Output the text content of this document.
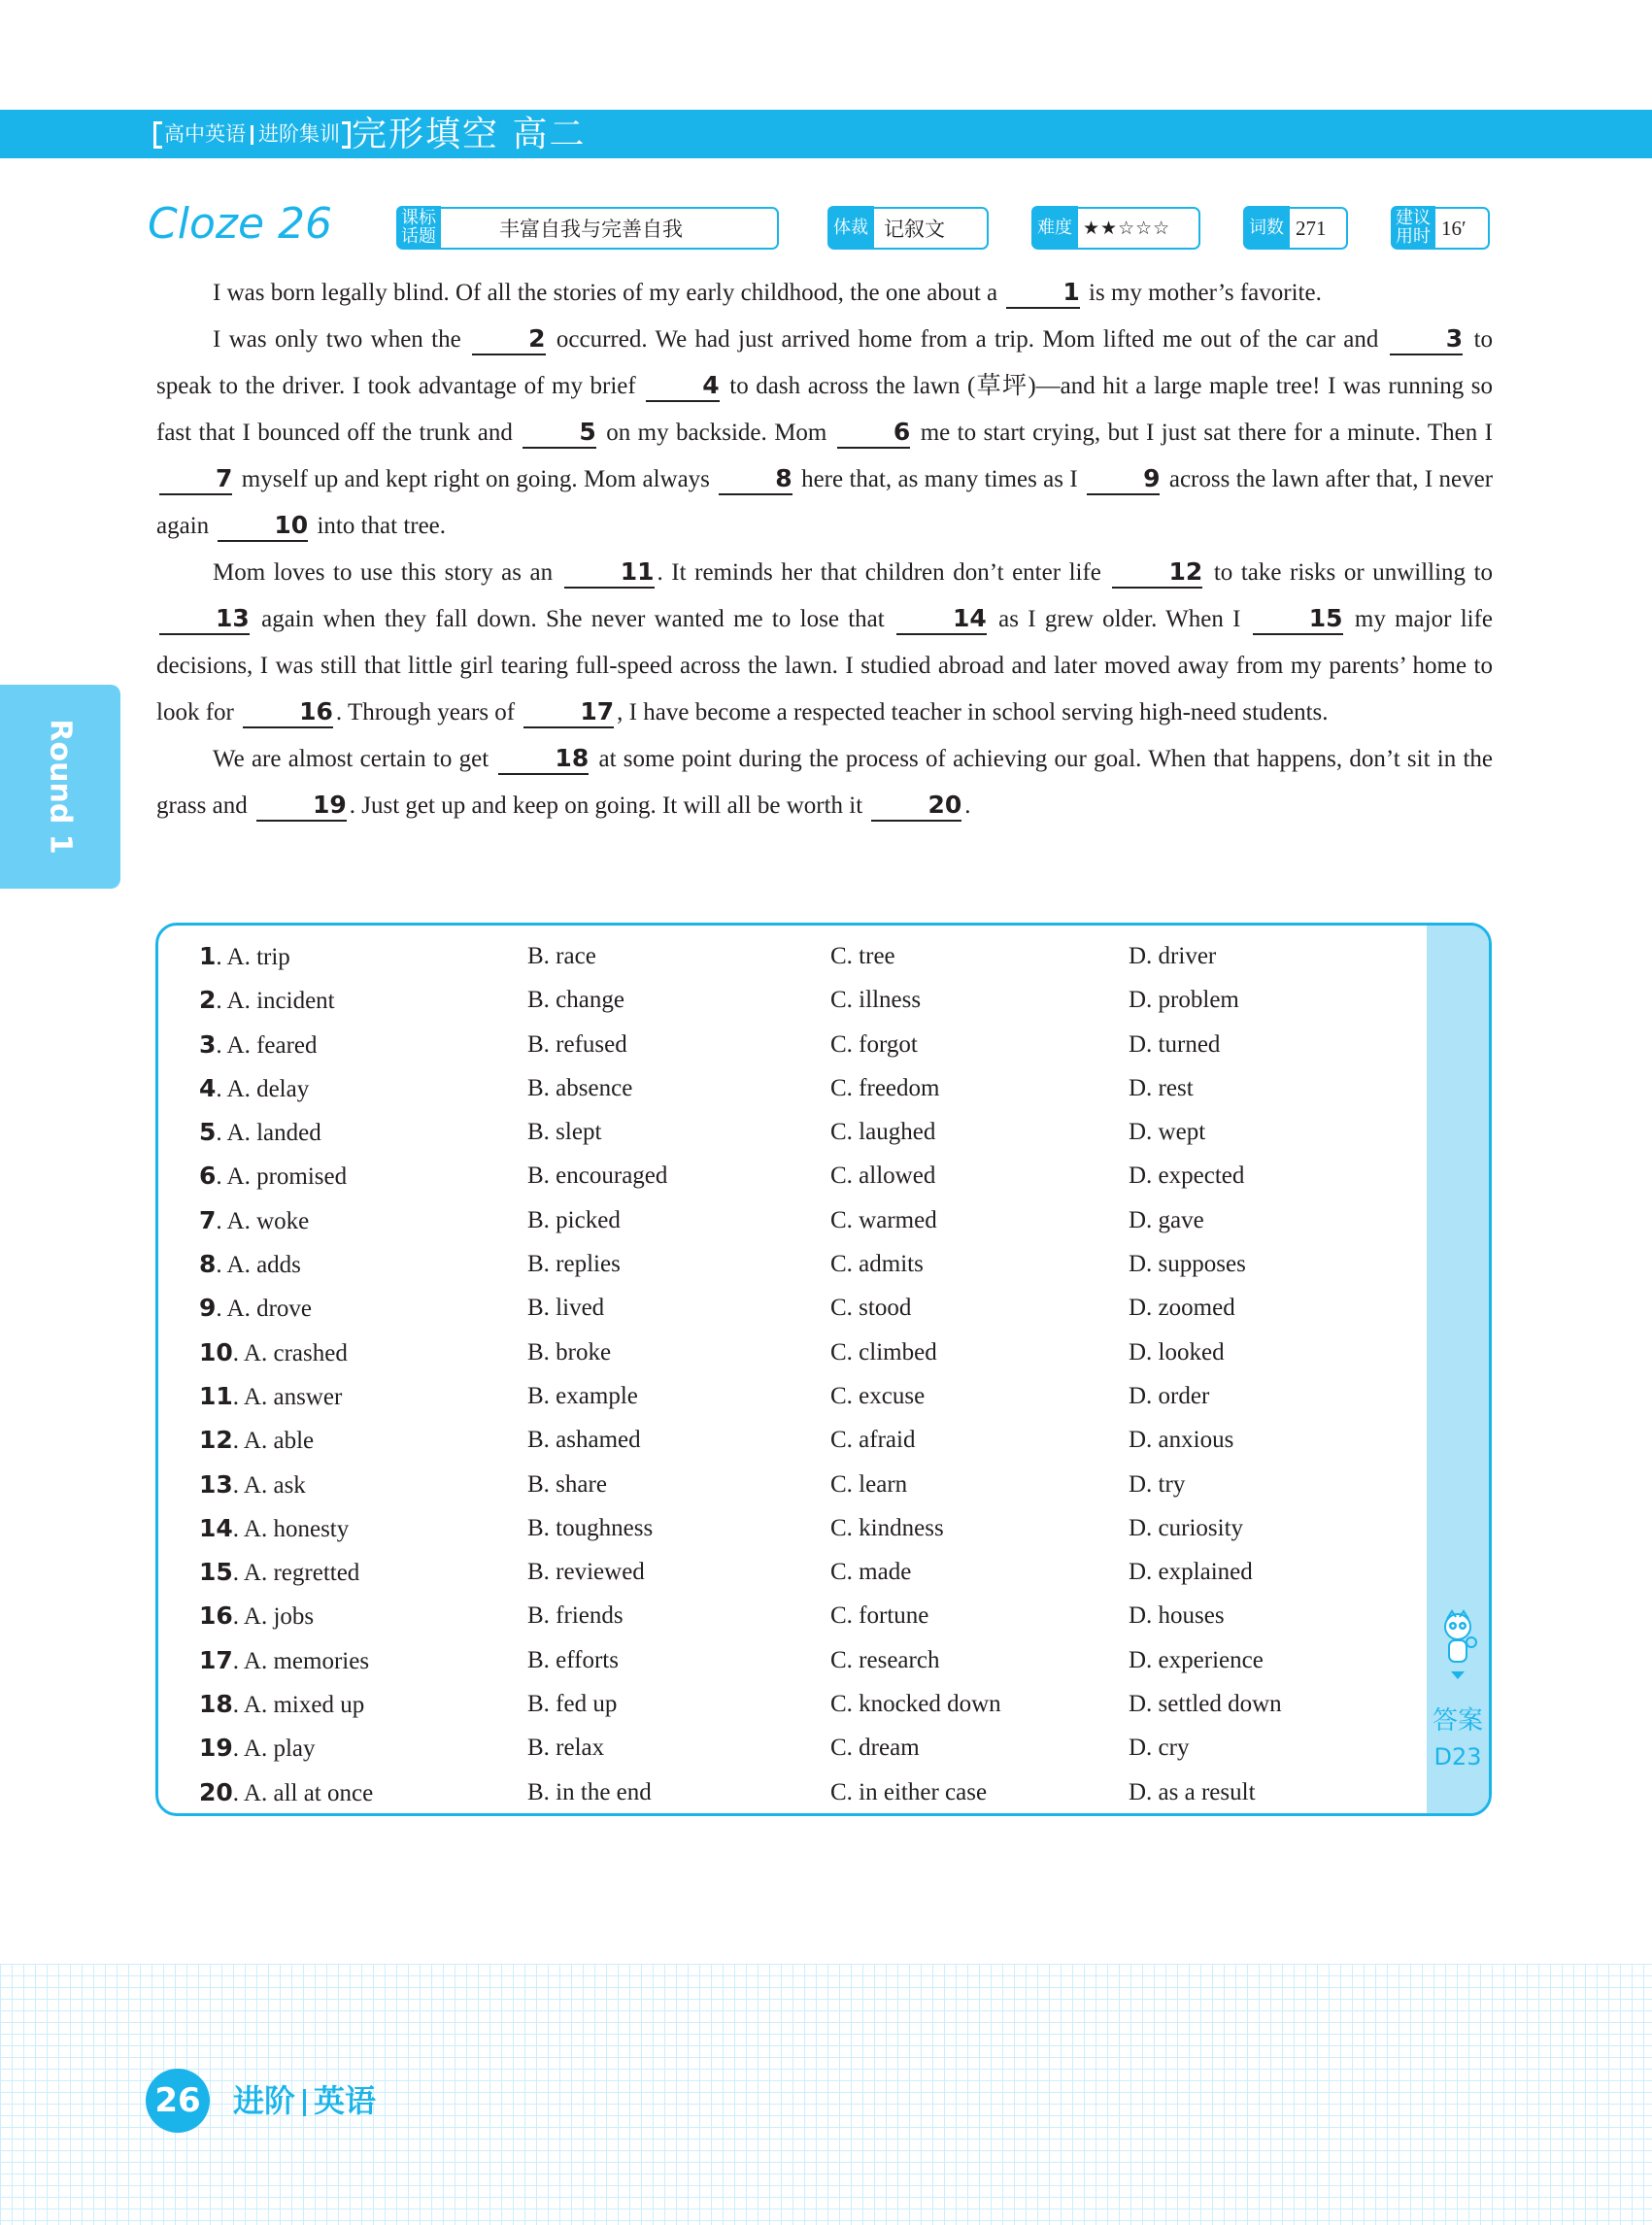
高中英语 进阶集训 完形填空 高二
Cloze 26	课标话题	丰富自我与完善自我	体裁 记叙文	难度 ★★☆☆☆	词数 271	建议用时 16′

I was born legally blind. Of all the stories of my early childhood, the one about a	1 is my mother’s favorite.

I was only two when the	2 occurred. We had just arrived home from a trip. Mom lifted me out of the car and	3 to speak to the driver. I took advantage of my brief	4 to dash across the lawn (草坪)—and hit a large maple tree! I was running so fast that I bounced off the trunk and	5 on my backside. Mom	6 me to start crying, but I just sat there for a minute. Then I 7 myself up and kept right on going. Mom always	8 here that, as many times as I	9 across the lawn after that, I never again	10 into that tree.

Mom loves to use this story as an	11 . It reminds her that children don’t enter life	12 to take risks or unwilling to 13 again when they fall down. She never wanted me to lose that	14 as I grew older. When I	15 my major life decisions, I was still that little girl tearing full-speed across the lawn. I studied abroad and later moved away from my parents’ home to look for	16 . Through years of	17 , I have become a respected teacher in school serving high-need students.

We are almost certain to get	18 at some point during the process of achieving our goal. When that happens, don’t sit in the grass and	19 . Just get up and keep on going. It will all be worth it	20 .

Round 1
1. A. trip	B. race	C. tree	D. driver
2. A. incident	B. change	C. illness	D. problem
3. A. feared	B. refused	C. forgot	D. turned
4. A. delay	B. absence	C. freedom	D. rest
5. A. landed	B. slept	C. laughed	D. wept
6. A. promised	B. encouraged	C. allowed	D. expected
7. A. woke	B. picked	C. warmed	D. gave
8. A. adds	B. replies	C. admits	D. supposes
9. A. drove	B. lived	C. stood	D. zoomed
10. A. crashed	B. broke	C. climbed	D. looked
11. A. answer	B. example	C. excuse	D. order
12. A. able	B. ashamed	C. afraid	D. anxious
13. A. ask	B. share	C. learn	D. try
14. A. honesty	B. toughness	C. kindness	D. curiosity
15. A. regretted	B. reviewed	C. made	D. explained
16. A. jobs	B. friends	C. fortune	D. houses
17. A. memories	B. efforts	C. research	D. experience
18. A. mixed up	B. fed up	C. knocked down	D. settled down
19. A. play	B. relax	C. dream	D. cry
20. A. all at once	B. in the end	C. in either case	D. as a result
答案
D23
26 进阶 英语
